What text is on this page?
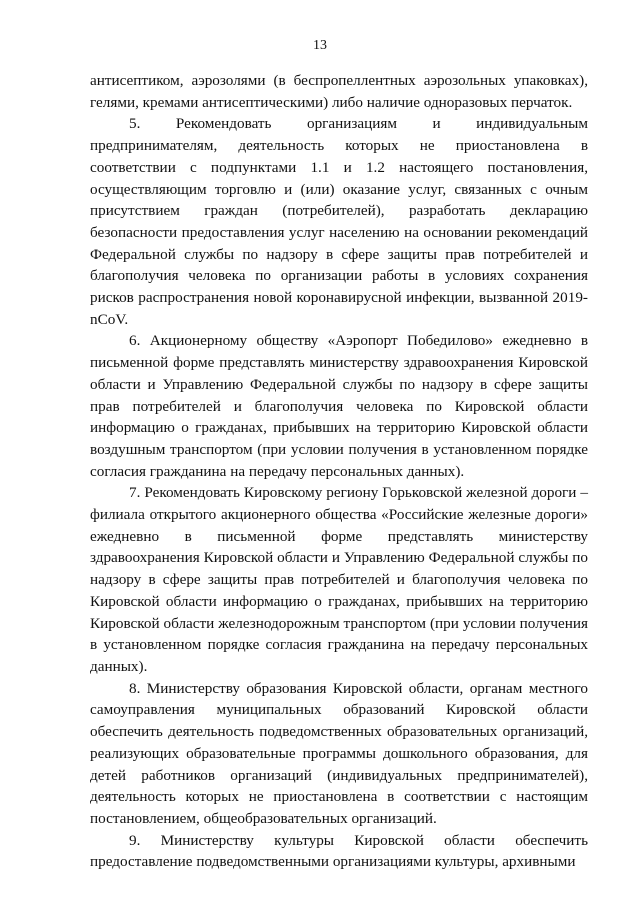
13

антисептиком, аэрозолями (в беспропеллентных аэрозольных упаковках), гелями, кремами антисептическими) либо наличие одноразовых перчаток.

5. Рекомендовать организациям и индивидуальным предпринимателям, деятельность которых не приостановлена в соответствии с подпунктами 1.1 и 1.2 настоящего постановления, осуществляющим торговлю и (или) оказание услуг, связанных с очным присутствием граждан (потребителей), разработать декларацию безопасности предоставления услуг населению на основании рекомендаций Федеральной службы по надзору в сфере защиты прав потребителей и благополучия человека по организации работы в условиях сохранения рисков распространения новой коронавирусной инфекции, вызванной 2019-nCoV.

6. Акционерному обществу «Аэропорт Победилово» ежедневно в письменной форме представлять министерству здравоохранения Кировской области и Управлению Федеральной службы по надзору в сфере защиты прав потребителей и благополучия человека по Кировской области информацию о гражданах, прибывших на территорию Кировской области воздушным транспортом (при условии получения в установленном порядке согласия гражданина на передачу персональных данных).

7. Рекомендовать Кировскому региону Горьковской железной дороги – филиала открытого акционерного общества «Российские железные дороги» ежедневно в письменной форме представлять министерству здравоохранения Кировской области и Управлению Федеральной службы по надзору в сфере защиты прав потребителей и благополучия человека по Кировской области информацию о гражданах, прибывших на территорию Кировской области железнодорожным транспортом (при условии получения в установленном порядке согласия гражданина на передачу персональных данных).

8. Министерству образования Кировской области, органам местного самоуправления муниципальных образований Кировской области обеспечить деятельность подведомственных образовательных организаций, реализующих образовательные программы дошкольного образования, для детей работников организаций (индивидуальных предпринимателей), деятельность которых не приостановлена в соответствии с настоящим постановлением, общеобразовательных организаций.

9. Министерству культуры Кировской области обеспечить предоставление подведомственными организациями культуры, архивными
